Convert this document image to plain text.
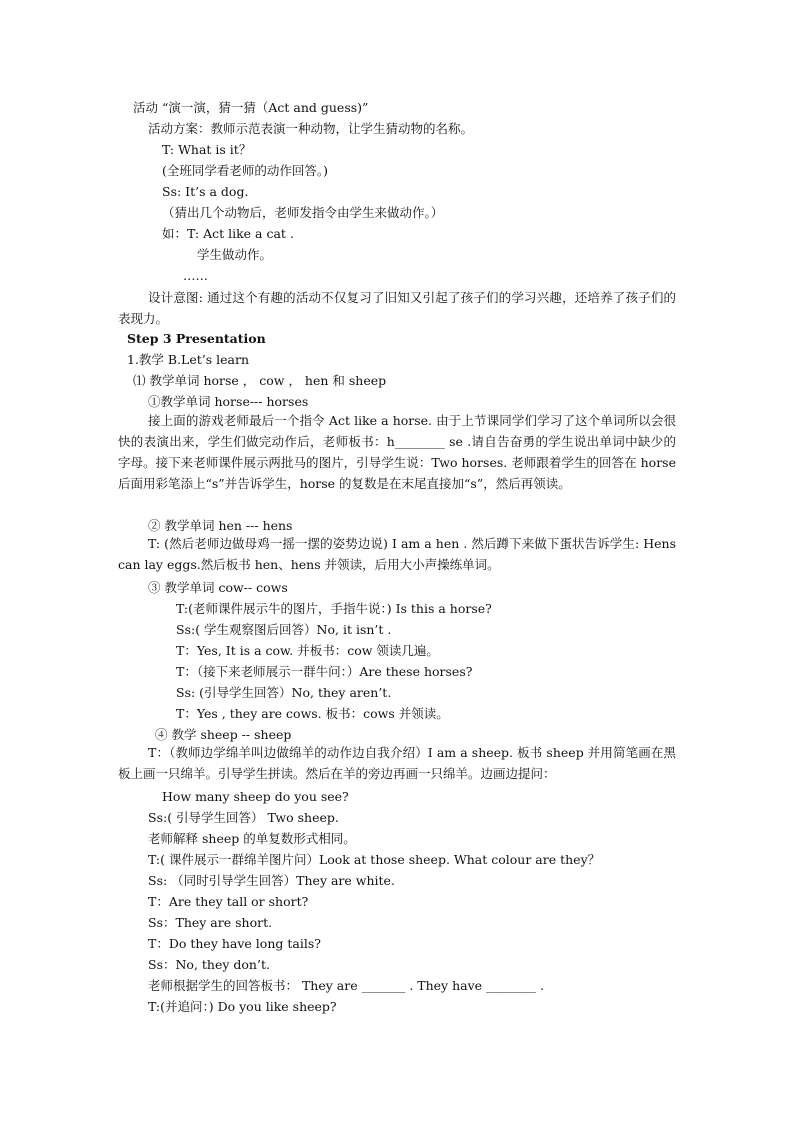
活动 “演一演，猜一猜（Act and guess)”
活动方案：教师示范表演一种动物，让学生猜动物的名称。
T: What is it？
(全班同学看老师的动作回答。)
Ss: It’s a dog.
（猜出几个动物后，老师发指令由学生来做动作。）
如：T: Act like a cat .
学生做动作。
……
设计意图: 通过这个有趣的活动不仅复习了旧知又引起了孩子们的学习兴趣，还培养了孩子们的表现力。
Step 3 Presentation
1.教学 B.Let’s learn
⑴ 教学单词 horse ， cow ， hen 和 sheep
①教学单词 horse--- horses
接上面的游戏老师最后一个指令 Act like a horse. 由于上节课同学们学习了这个单词所以会很快的表演出来，学生们做完动作后，老师板书：h________ se .请自告奋勇的学生说出单词中缺少的字母。接下来老师课件展示两批马的图片，引导学生说：Two horses. 老师跟着学生的回答在 horse 后面用彩笔添上“s”并告诉学生，horse 的复数是在末尾直接加“s”，然后再领读。
② 教学单词 hen --- hens
T: (然后老师边做母鸡一摇一摆的姿势边说) I am a hen . 然后蹲下来做下蛋状告诉学生: Hens can lay eggs.然后板书 hen、hens 并领读，后用大小声操练单词。
③ 教学单词 cow-- cows
T:(老师课件展示牛的图片，手指牛说：) Is this a horse?
Ss:( 学生观察图后回答）No, it isn’t .
T：Yes, It is a cow. 并板书：cow 领读几遍。
T：（接下来老师展示一群牛问：）Are these horses?
Ss: (引导学生回答）No, they aren’t.
T：Yes , they are cows. 板书：cows 并领读。
④ 教学 sheep -- sheep
T：（教师边学绵羊叫边做绵羊的动作边自我介绍）I am a sheep. 板书 sheep 并用简笔画在黑板上画一只绵羊。引导学生拼读。然后在羊的旁边再画一只绵羊。边画边提问：
How many sheep do you see?
Ss:( 引导学生回答） Two sheep.
老师解释 sheep 的单复数形式相同。
T:( 课件展示一群绵羊图片问）Look at those sheep. What colour are they？
Ss: （同时引导学生回答）They are white.
T：Are they tall or short?
Ss：They are short.
T：Do they have long tails?
Ss：No, they don’t.
老师根据学生的回答板书： They are _______ . They have ________ .
T:(并追问：) Do you like sheep?
